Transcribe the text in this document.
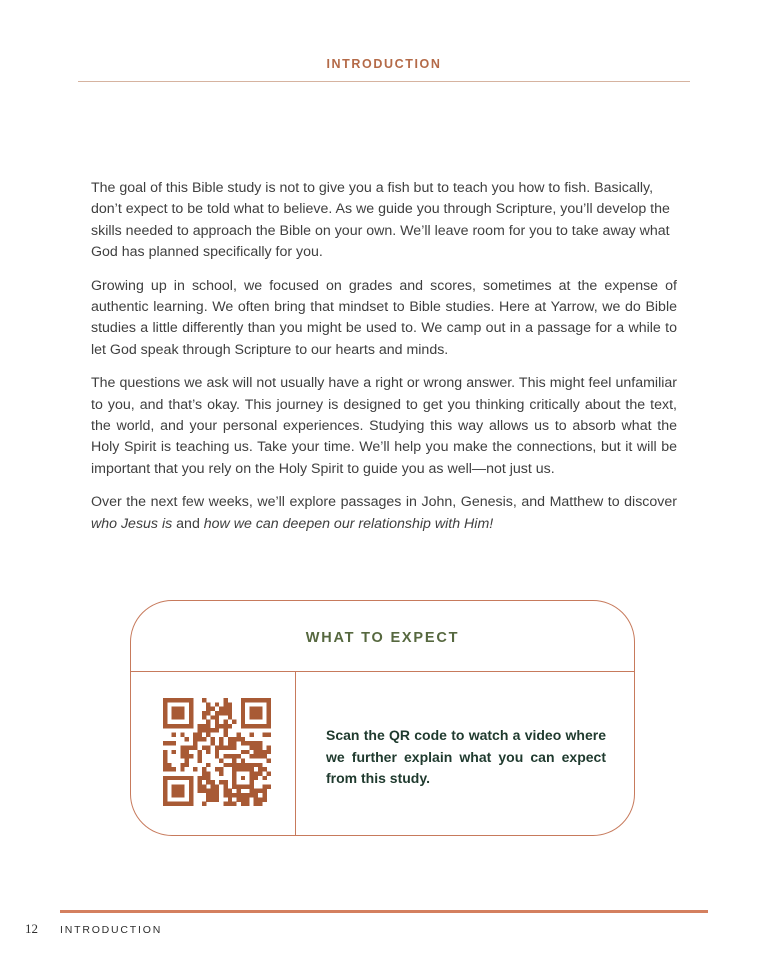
INTRODUCTION

The goal of this Bible study is not to give you a fish but to teach you how to fish. Basically, don’t expect to be told what to believe. As we guide you through Scripture, you’ll develop the skills needed to approach the Bible on your own. We’ll leave room for you to take away what God has planned specifically for you.

Growing up in school, we focused on grades and scores, sometimes at the expense of authentic learning. We often bring that mindset to Bible studies. Here at Yarrow, we do Bible studies a little differently than you might be used to. We camp out in a passage for a while to let God speak through Scripture to our hearts and minds.

The questions we ask will not usually have a right or wrong answer. This might feel unfamiliar to you, and that’s okay. This journey is designed to get you thinking critically about the text, the world, and your personal experiences. Studying this way allows us to absorb what the Holy Spirit is teaching us. Take your time. We’ll help you make the connections, but it will be important that you rely on the Holy Spirit to guide you as well—not just us.

Over the next few weeks, we’ll explore passages in John, Genesis, and Matthew to discover who Jesus is and how we can deepen our relationship with Him!

WHAT TO EXPECT
Scan the QR code to watch a video where we further explain what you can expect from this study.
12 INTRODUCTION
